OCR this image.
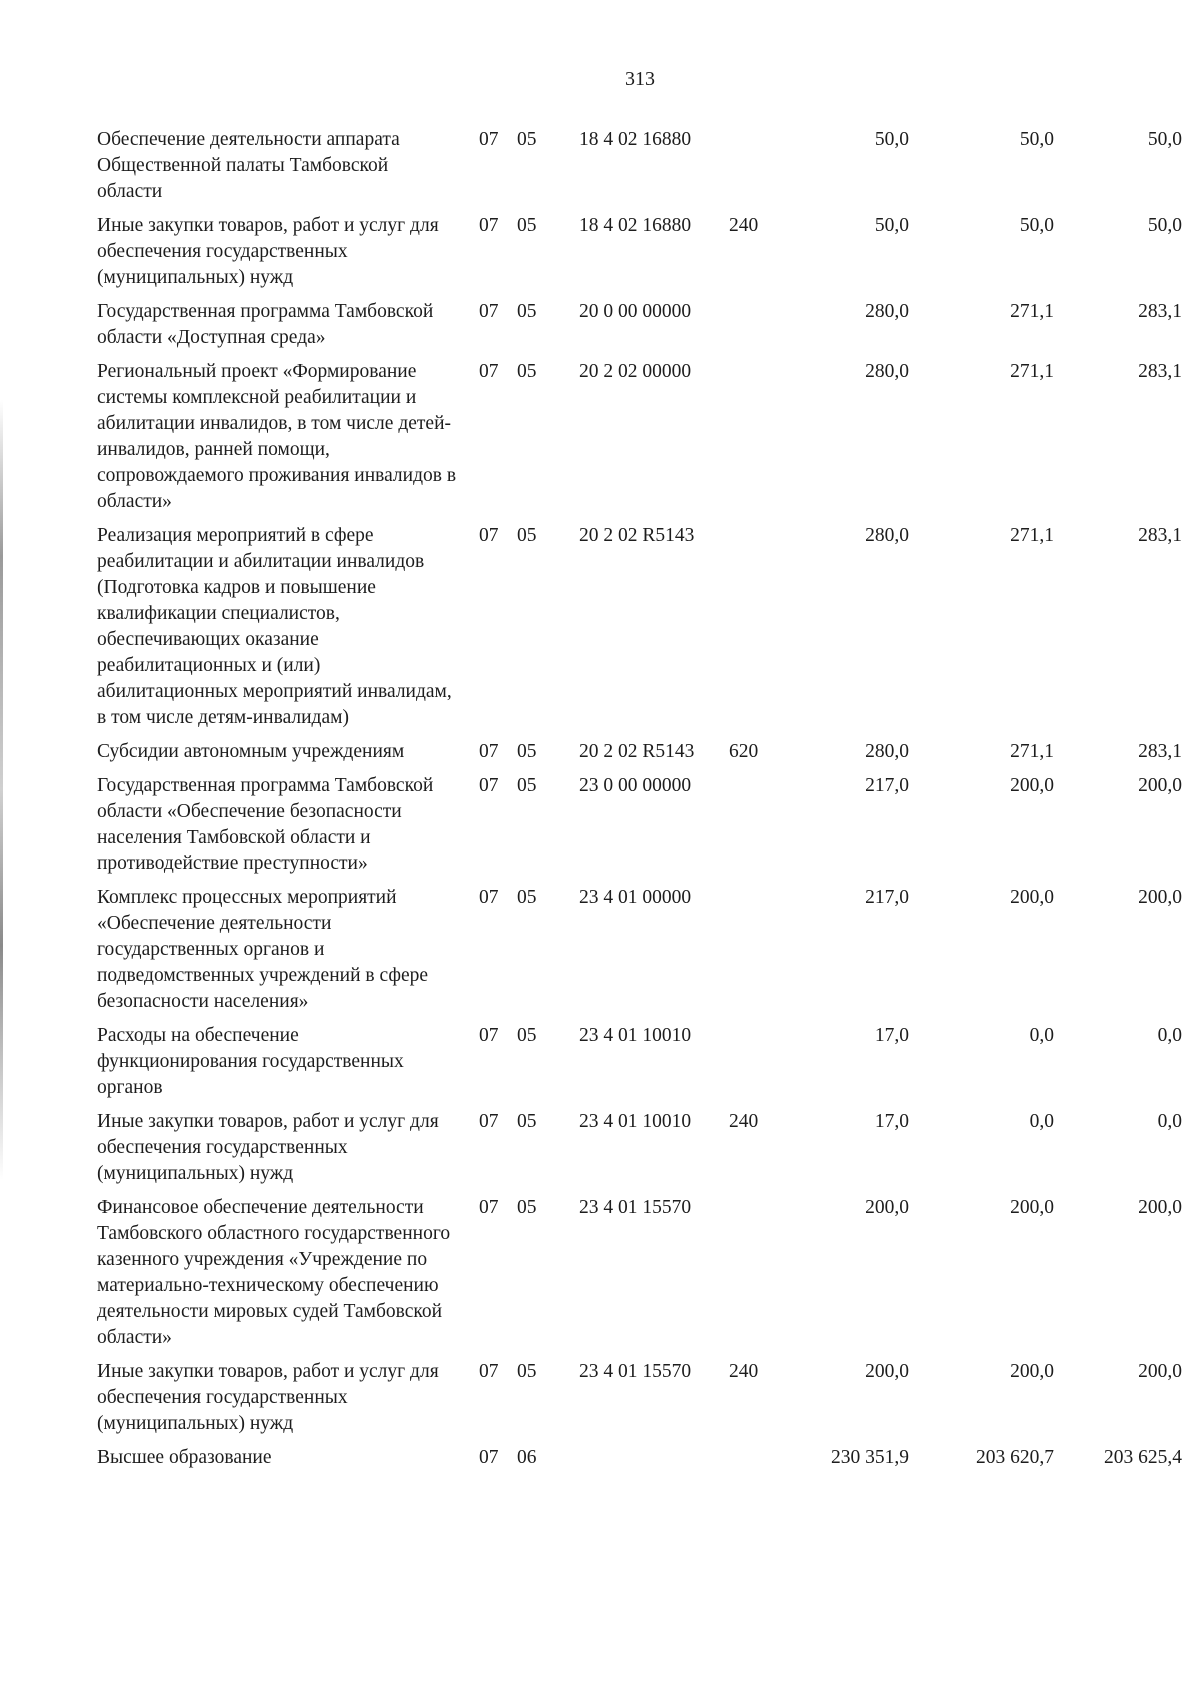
313
Обеспечение деятельности аппарата Общественной палаты Тамбовской области	07	05	18 4 02 16880		50,0	50,0	50,0
Иные закупки товаров, работ и услуг для обеспечения государственных (муниципальных) нужд	07	05	18 4 02 16880	240	50,0	50,0	50,0
Государственная программа Тамбовской области «Доступная среда»	07	05	20 0 00 00000		280,0	271,1	283,1
Региональный проект «Формирование системы комплексной реабилитации и абилитации инвалидов, в том числе детей-инвалидов, ранней помощи, сопровождаемого проживания инвалидов в области»	07	05	20 2 02 00000		280,0	271,1	283,1
Реализация мероприятий в сфере реабилитации и абилитации инвалидов (Подготовка кадров и повышение квалификации специалистов, обеспечивающих оказание реабилитационных и (или) абилитационных мероприятий инвалидам, в том числе детям-инвалидам)	07	05	20 2 02 R5143		280,0	271,1	283,1
Субсидии автономным учреждениям	07	05	20 2 02 R5143	620	280,0	271,1	283,1
Государственная программа Тамбовской области «Обеспечение безопасности населения Тамбовской области и противодействие преступности»	07	05	23 0 00 00000		217,0	200,0	200,0
Комплекс процессных мероприятий «Обеспечение деятельности государственных органов и подведомственных учреждений в сфере безопасности населения»	07	05	23 4 01 00000		217,0	200,0	200,0
Расходы на обеспечение функционирования государственных органов	07	05	23 4 01 10010		17,0	0,0	0,0
Иные закупки товаров, работ и услуг для обеспечения государственных (муниципальных) нужд	07	05	23 4 01 10010	240	17,0	0,0	0,0
Финансовое обеспечение деятельности Тамбовского областного государственного казенного учреждения «Учреждение по материально-техническому обеспечению деятельности мировых судей Тамбовской области»	07	05	23 4 01 15570		200,0	200,0	200,0
Иные закупки товаров, работ и услуг для обеспечения государственных (муниципальных) нужд	07	05	23 4 01 15570	240	200,0	200,0	200,0
Высшее образование	07	06			230 351,9	203 620,7	203 625,4
